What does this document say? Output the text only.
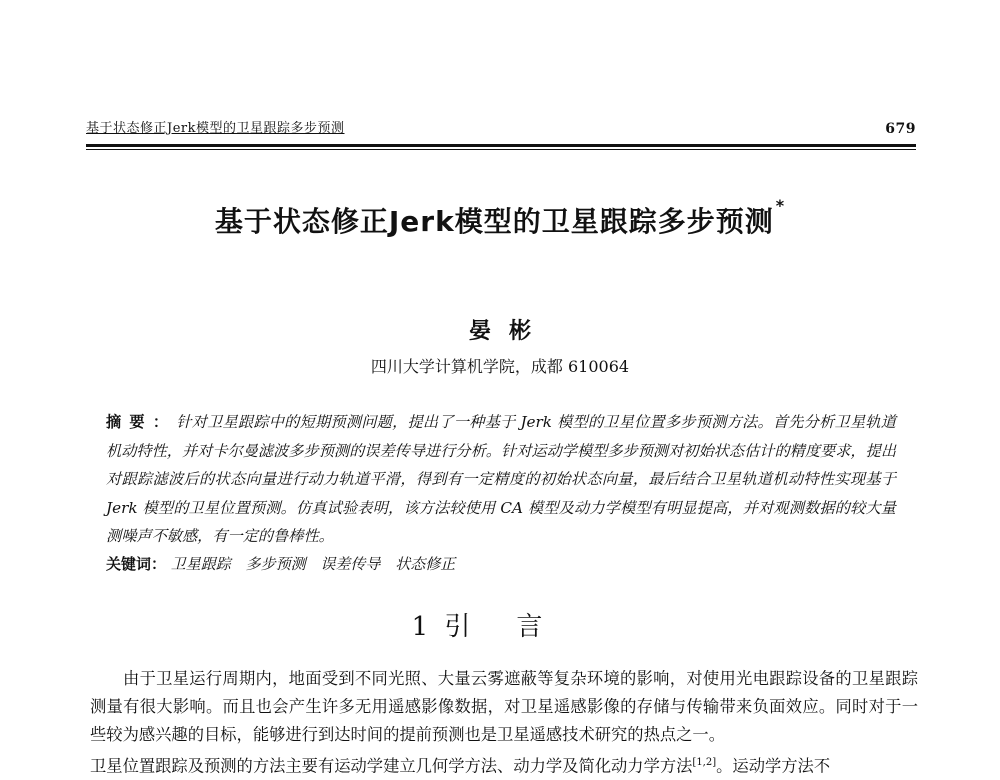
基于状态修正Jerk模型的卫星跟踪多步预测	679
基于状态修正Jerk模型的卫星跟踪多步预测 *
晏彬
四川大学计算机学院，成都 610064
摘要：针对卫星跟踪中的短期预测问题，提出了一种基于 Jerk 模型的卫星位置多步预测方法。首先分析卫星轨道机动特性，并对卡尔曼滤波多步预测的误差传导进行分析。针对运动学模型多步预测对初始状态估计的精度要求，提出对跟踪滤波后的状态向量进行动力轨道平滑，得到有一定精度的初始状态向量，最后结合卫星轨道机动特性实现基于 Jerk 模型的卫星位置预测。仿真试验表明，该方法较使用 CA 模型及动力学模型有明显提高，并对观测数据的较大量测噪声不敏感，有一定的鲁棒性。
关键词： 卫星跟踪 多步预测 误差传导 状态修正
1 引言
由于卫星运行周期内，地面受到不同光照、大量云雾遮蔽等复杂环境的影响，对使用光电跟踪设备的卫星跟踪测量有很大影响。而且也会产生许多无用遥感影像数据，对卫星遥感影像的存储与传输带来负面效应。同时对于一些较为感兴趣的目标，能够进行到达时间的提前预测也是卫星遥感技术研究的热点之一。
卫星位置跟踪及预测的方法主要有运动学建立几何学方法、动力学及简化动力学方法[1,2]。运动学方法不
